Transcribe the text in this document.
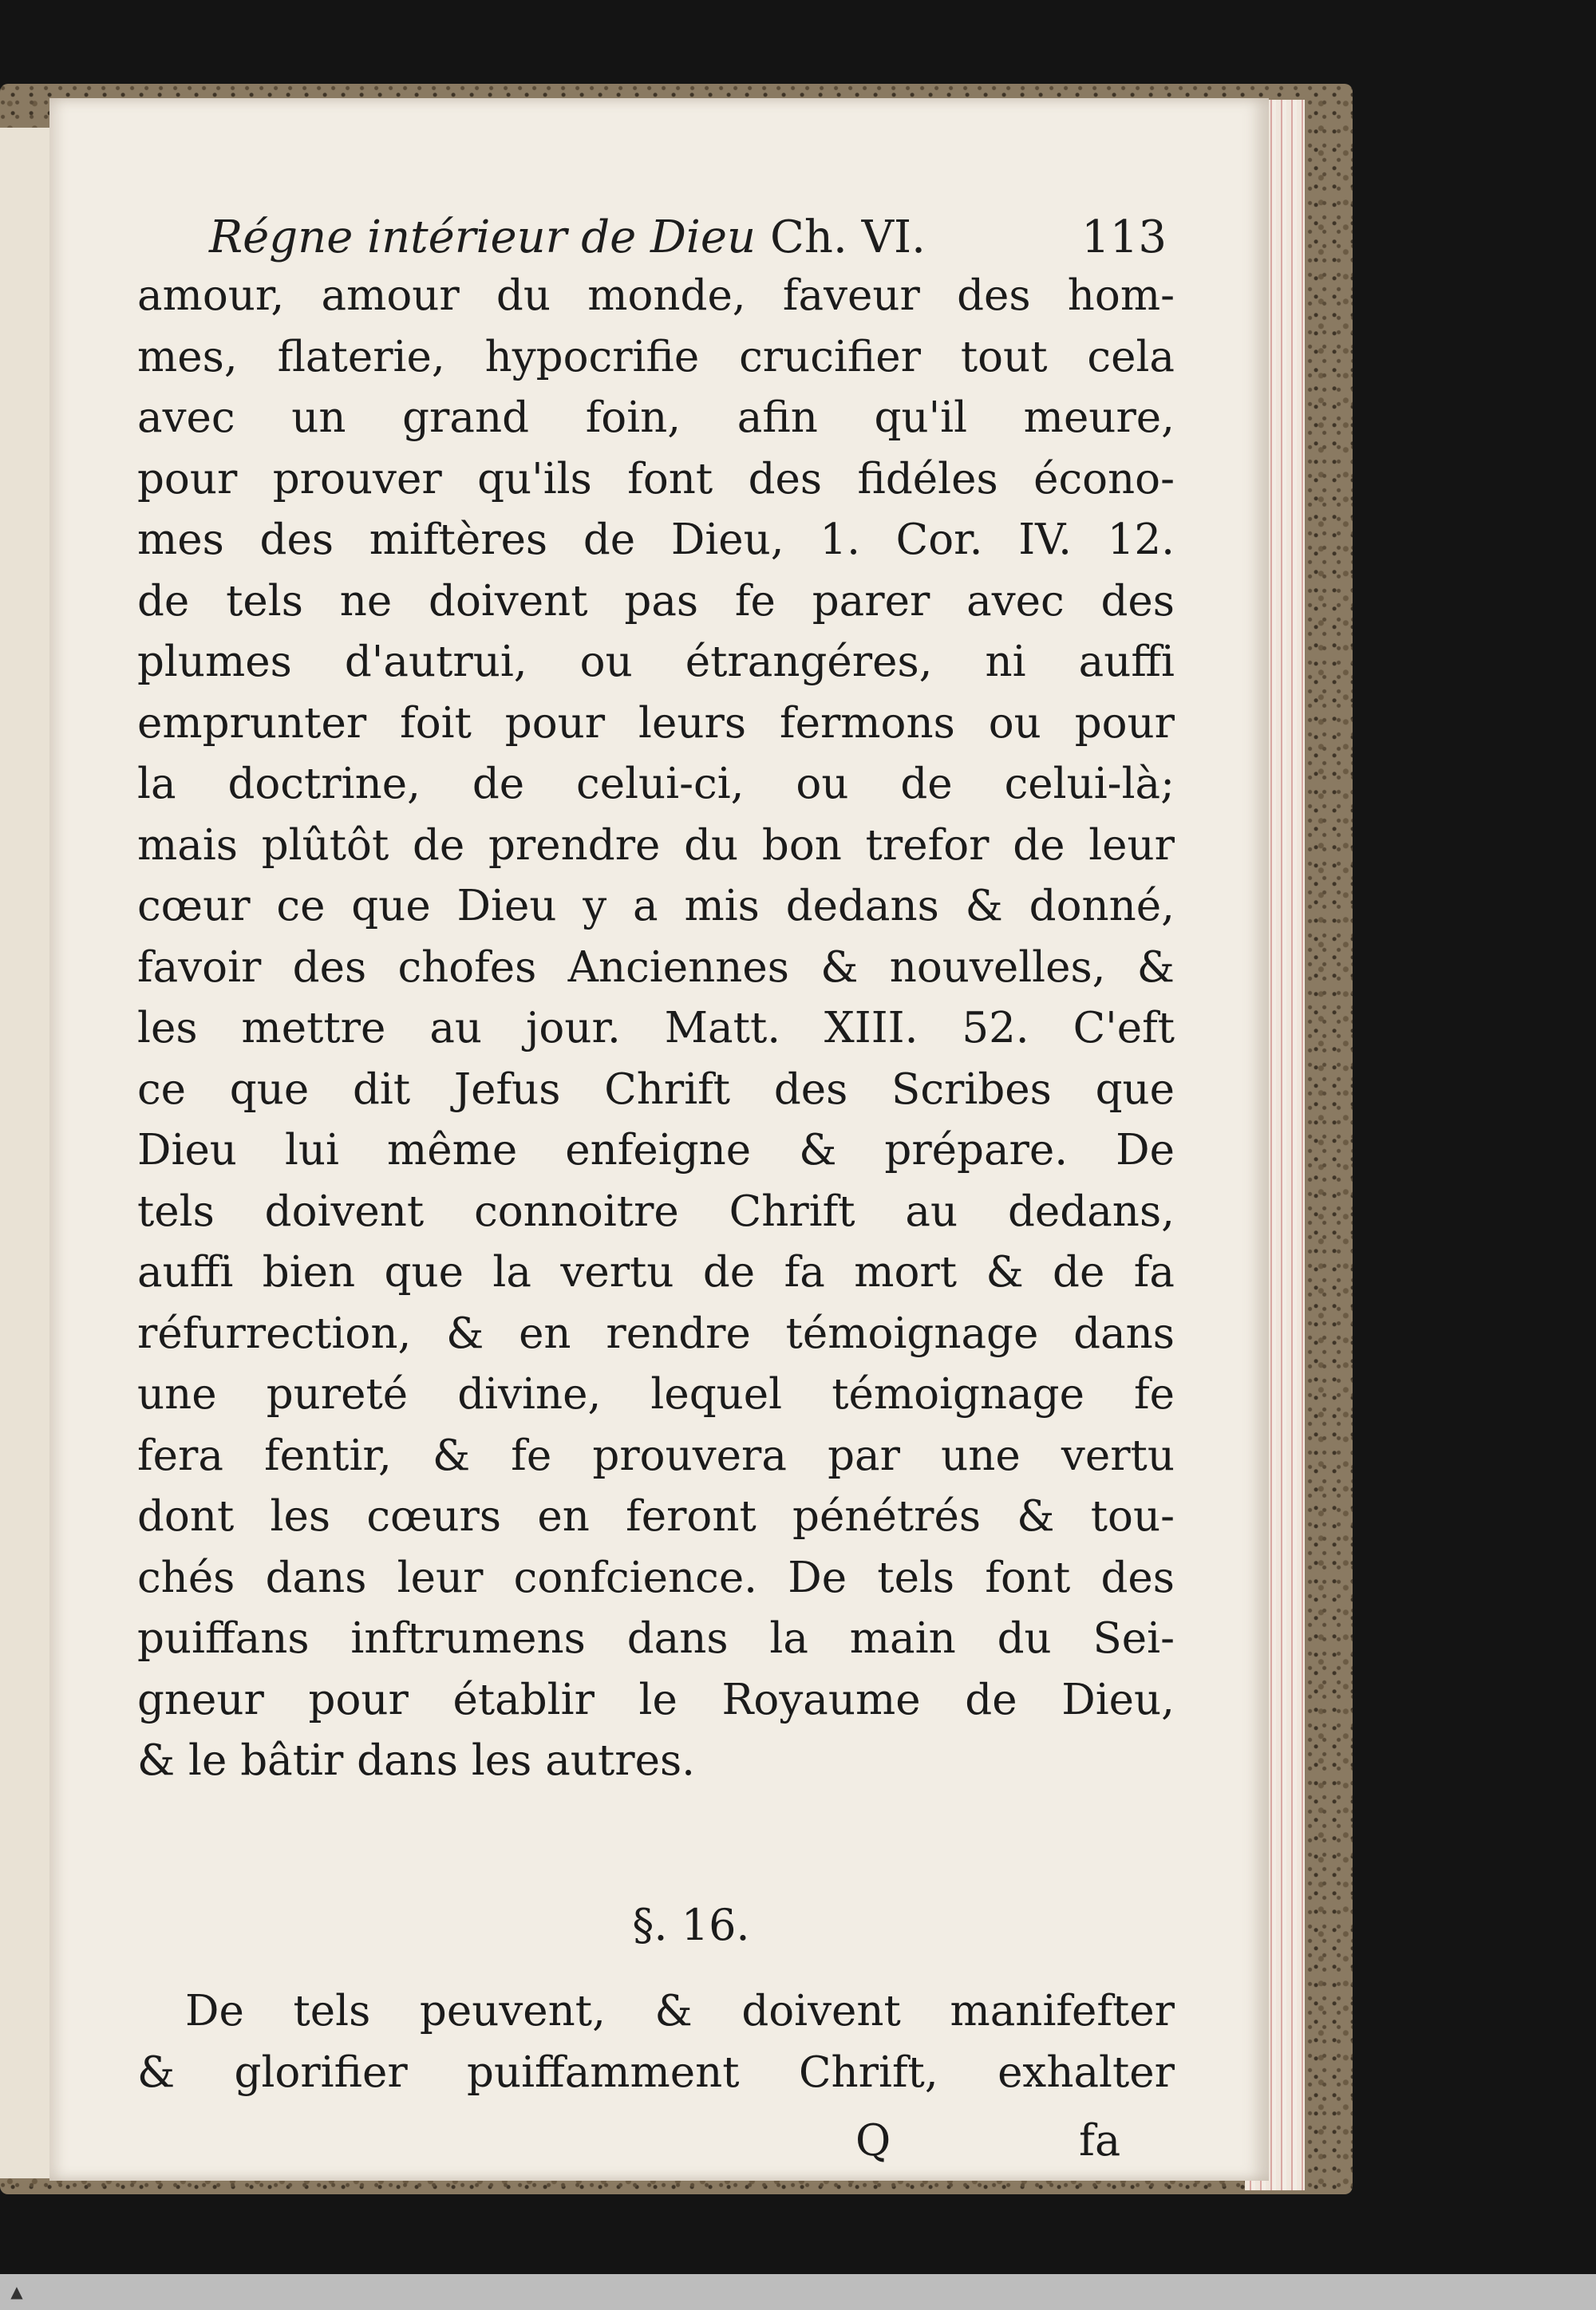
Régne intérieur de Dieu Ch. VI.	113
amour, amour du monde, faveur des hom-
mes, flaterie, hypocrifie crucifier tout cela
avec un grand foin, afin qu'il meure,
pour prouver qu'ils font des fidéles écono-
mes des miftères de Dieu, 1. Cor. IV. 12.
de tels ne doivent pas fe parer avec des
plumes d'autrui, ou étrangéres, ni auffi
emprunter foit pour leurs fermons ou pour
la doctrine, de celui-ci, ou de celui-là;
mais plûtôt de prendre du bon trefor de leur
cœur ce que Dieu y a mis dedans & donné,
favoir des chofes Anciennes & nouvelles, &
les mettre au jour. Matt. XIII. 52. C'eft
ce que dit Jefus Chrift des Scribes que
Dieu lui même enfeigne & prépare. De
tels doivent connoitre Chrift au dedans,
auffi bien que la vertu de fa mort & de fa
réfurrection, & en rendre témoignage dans
une pureté divine, lequel témoignage fe
fera fentir, & fe prouvera par une vertu
dont les cœurs en feront pénétrés & tou-
chés dans leur confcience. De tels font des
puiffans inftrumens dans la main du Sei-
gneur pour établir le Royaume de Dieu,
& le bâtir dans les autres.
§. 16.
De tels peuvent, & doivent manifefter
& glorifier puiffamment Chrift, exhalter
Q	fa
▲
